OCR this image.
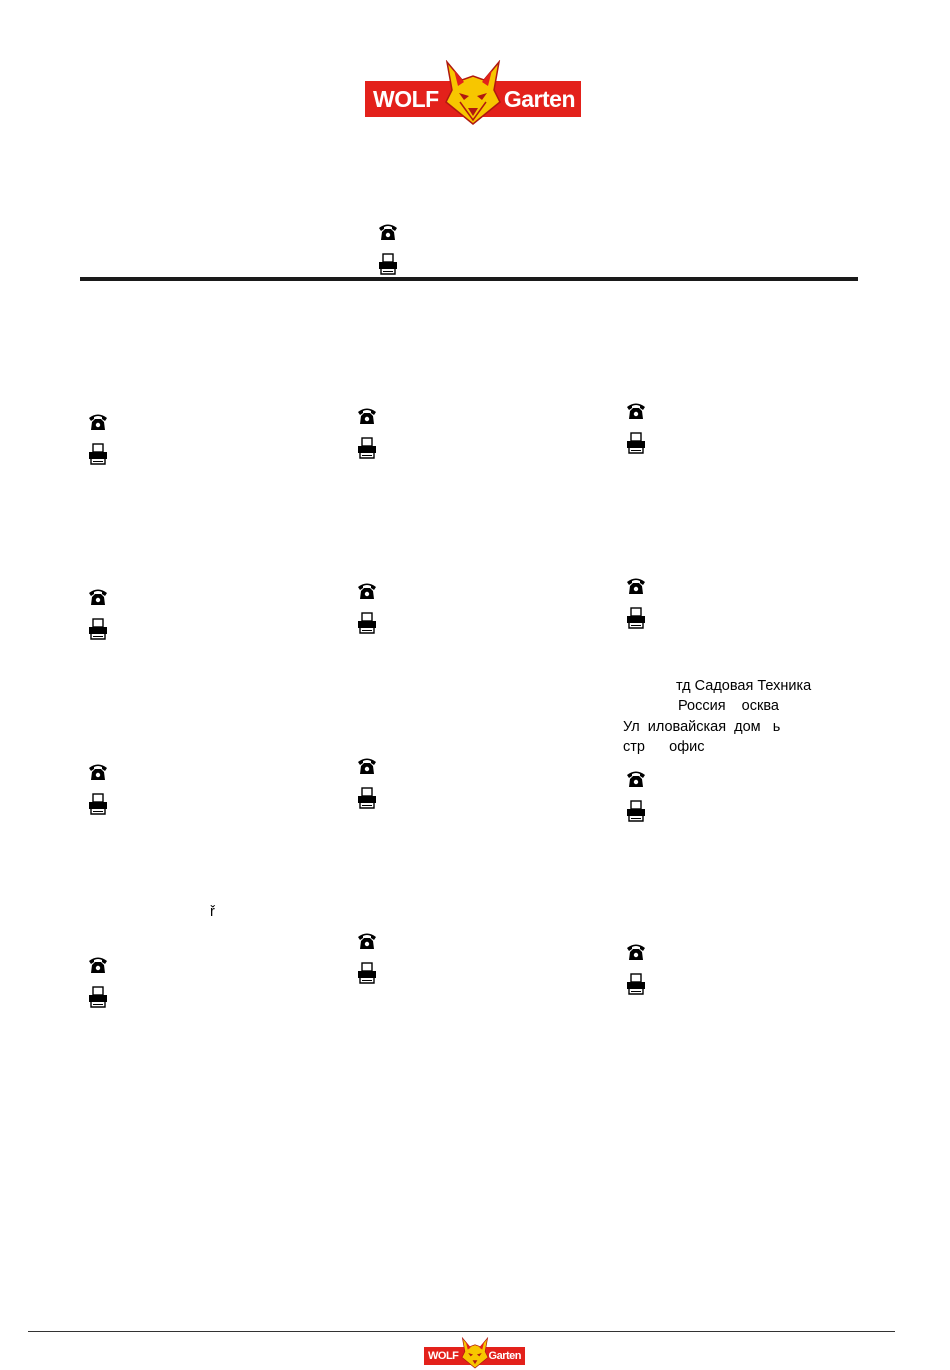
WOLF	Garten
ř
тд Садовая Техника
Россия    осква
Ул  иловайская  дом   ь
стр      офис
WOLF	Garten
